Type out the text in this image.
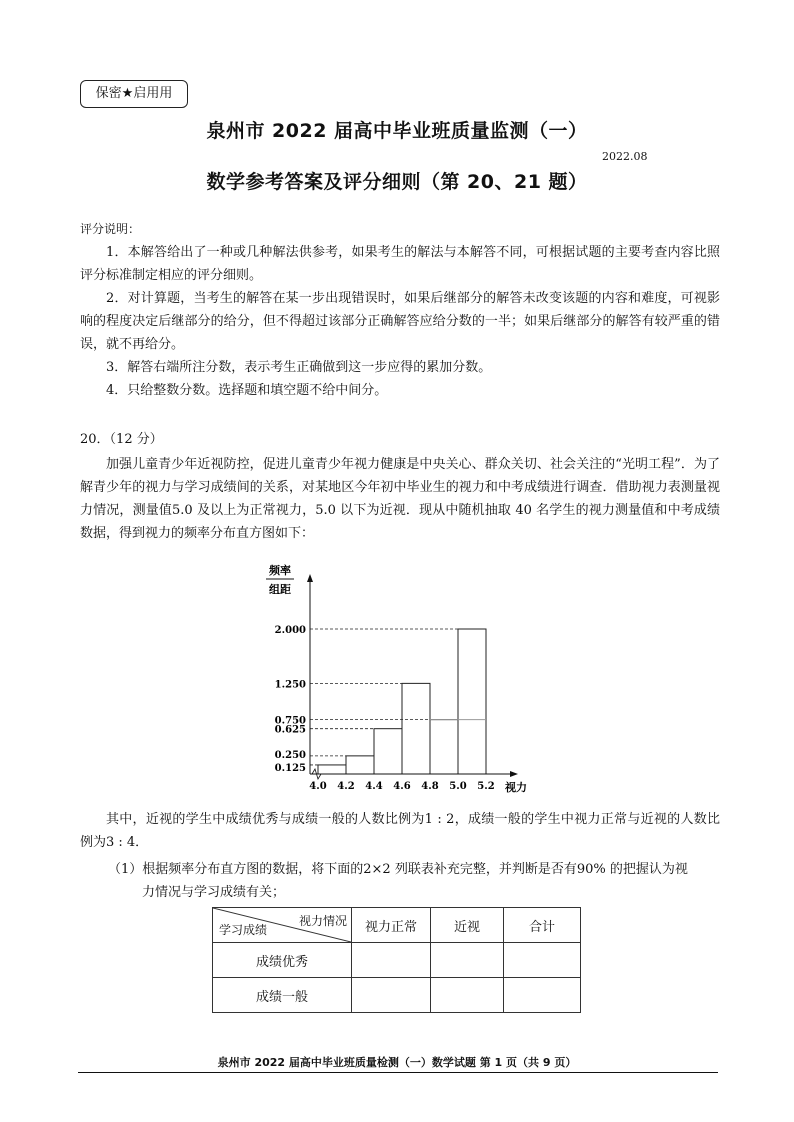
保密★启用用
泉州市 2022 届高中毕业班质量监测（一）
2022.08
数学参考答案及评分细则（第 20、21 题）
评分说明：
1．本解答给出了一种或几种解法供参考，如果考生的解法与本解答不同，可根据试题的主要考查内容比照评分标准制定相应的评分细则。
2．对计算题，当考生的解答在某一步出现错误时，如果后继部分的解答未改变该题的内容和难度，可视影响的程度决定后继部分的给分，但不得超过该部分正确解答应给分数的一半；如果后继部分的解答有较严重的错误，就不再给分。
3．解答右端所注分数，表示考生正确做到这一步应得的累加分数。
4．只给整数分数。选择题和填空题不给中间分。
20．（12 分）
加强儿童青少年近视防控，促进儿童青少年视力健康是中央关心、群众关切、社会关注的“光明工程”．为了解青少年的视力与学习成绩间的关系，对某地区今年初中毕业生的视力和中考成绩进行调查．借助视力表测量视力情况，测量值5.0 及以上为正常视力，5.0 以下为近视．现从中随机抽取 40 名学生的视力测量值和中考成绩数据，得到视力的频率分布直方图如下：
0.125
0.250
0.625
0.750
1.250
2.000
4.0 4.2 4.4 4.6 4.8 5.0 5.2 视力
频率
组距
其中，近视的学生中成绩优秀与成绩一般的人数比例为1 : 2，成绩一般的学生中视力正常与近视的人数比例为3 : 4．
（1）根据频率分布直方图的数据，将下面的2×2 列联表补充完整，并判断是否有90% 的把握认为视
力情况与学习成绩有关；
视力情况
学习成绩	视力正常	近视	合计
成绩优秀			
成绩一般			
泉州市 2022 届高中毕业班质量检测（一）数学试题 第 1 页（共 9 页）
